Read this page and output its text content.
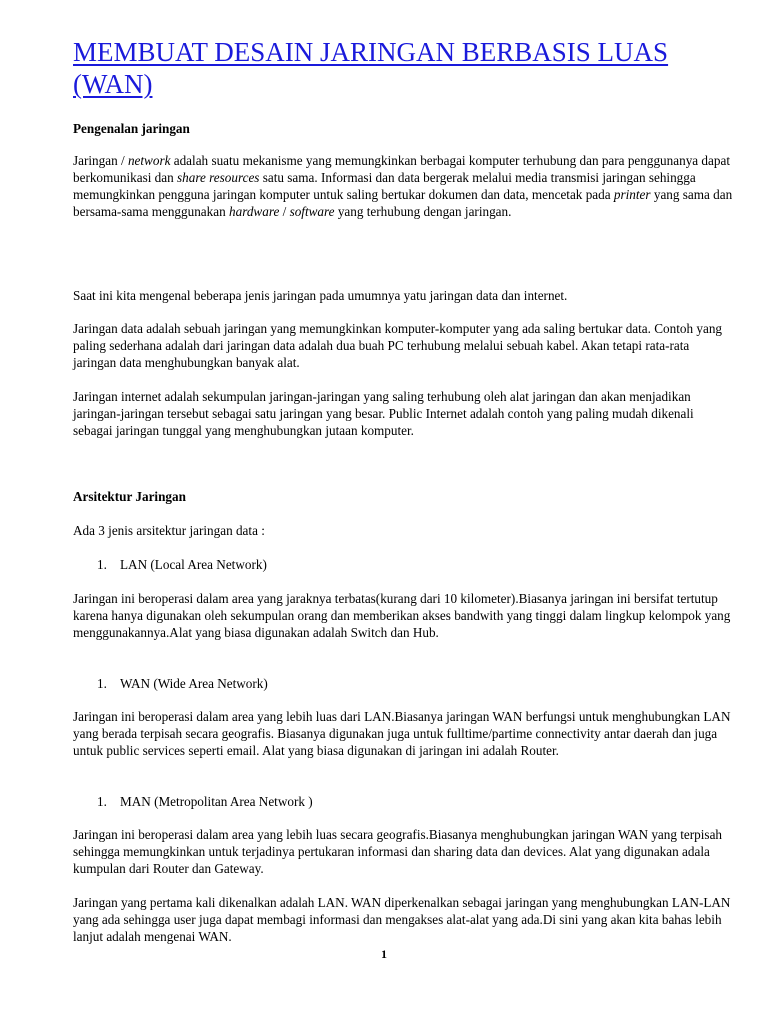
MEMBUAT DESAIN JARINGAN BERBASIS LUAS (WAN)
Pengenalan jaringan

Jaringan / network adalah suatu mekanisme yang memungkinkan berbagai komputer terhubung dan para penggunanya dapat berkomunikasi dan share resources satu sama. Informasi dan data bergerak melalui media transmisi jaringan sehingga memungkinkan pengguna jaringan komputer untuk saling bertukar dokumen dan data, mencetak pada printer yang sama dan bersama-sama menggunakan hardware / software yang terhubung dengan jaringan.

Saat ini kita mengenal beberapa jenis jaringan pada umumnya yatu jaringan data dan internet.

Jaringan data adalah sebuah jaringan yang memungkinkan komputer-komputer yang ada saling bertukar data. Contoh yang paling sederhana adalah dari jaringan data adalah dua buah PC terhubung melalui sebuah kabel. Akan tetapi rata-rata jaringan data menghubungkan banyak alat.

Jaringan internet adalah sekumpulan jaringan-jaringan yang saling terhubung oleh alat jaringan dan akan menjadikan jaringan-jaringan tersebut sebagai satu jaringan yang besar. Public Internet adalah contoh yang paling mudah dikenali sebagai jaringan tunggal yang menghubungkan jutaan komputer.

Arsitektur Jaringan

Ada 3 jenis arsitektur jaringan data :

1. LAN (Local Area Network)

Jaringan ini beroperasi dalam area yang jaraknya terbatas(kurang dari 10 kilometer).Biasanya jaringan ini bersifat tertutup karena hanya digunakan oleh sekumpulan orang dan memberikan akses bandwith yang tinggi dalam lingkup kelompok yang menggunakannya.Alat yang biasa digunakan adalah Switch dan Hub.

1. WAN (Wide Area Network)

Jaringan ini beroperasi dalam area yang lebih luas dari LAN.Biasanya jaringan WAN berfungsi untuk menghubungkan LAN yang berada terpisah secara geografis. Biasanya digunakan juga untuk fulltime/partime connectivity antar daerah dan juga untuk public services seperti email. Alat yang biasa digunakan di jaringan ini adalah Router.

1. MAN (Metropolitan Area Network )

Jaringan ini beroperasi dalam area yang lebih luas secara geografis.Biasanya menghubungkan jaringan WAN yang terpisah sehingga memungkinkan untuk terjadinya pertukaran informasi dan sharing data dan devices. Alat yang digunakan adala kumpulan dari Router dan Gateway.

Jaringan yang pertama kali dikenalkan adalah LAN. WAN diperkenalkan sebagai jaringan yang menghubungkan LAN-LAN yang ada sehingga user juga dapat membagi informasi dan mengakses alat-alat yang ada.Di sini yang akan kita bahas lebih lanjut adalah mengenai WAN.

1
